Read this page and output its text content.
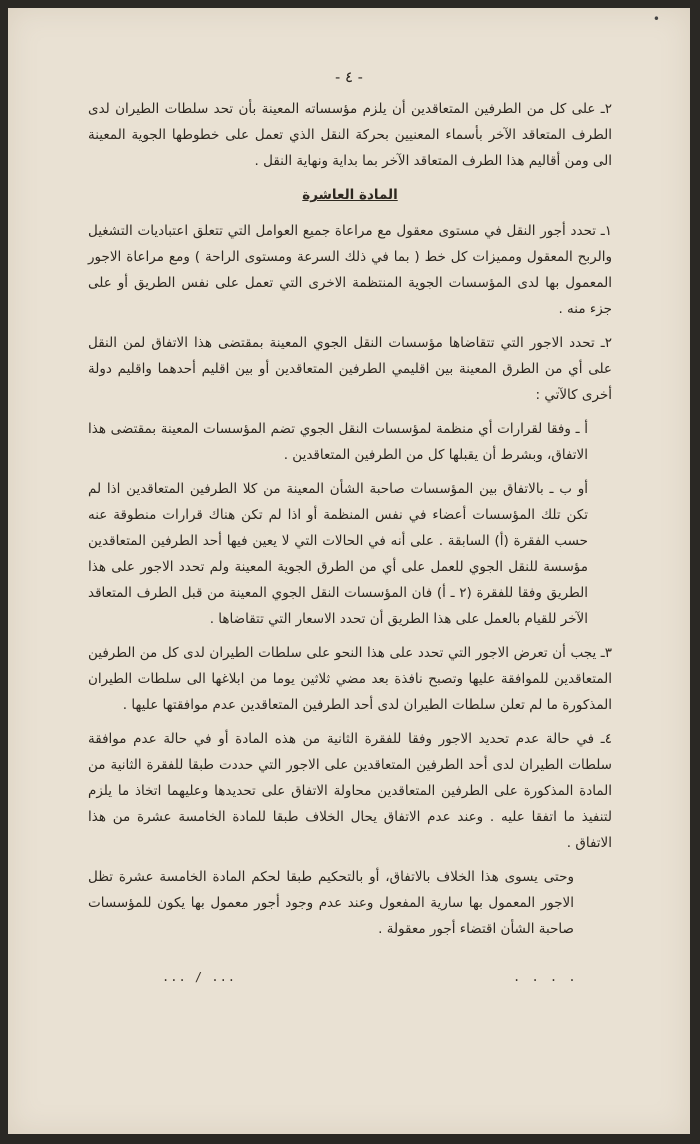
•
- ٤ -

٢ـ على كل من الطرفين المتعاقدين أن يلزم مؤسساته المعينة بأن تحد سلطات الطيران لدى الطرف المتعاقد الآخر بأسماء المعنيين بحركة النقل الذي تعمل على خطوطها الجوية المعينة الى ومن أقاليم هذا الطرف المتعاقد الآخر بما بداية ونهاية النقل .

المادة العاشرة

١ـ تحدد أجور النقل في مستوى معقول مع مراعاة جميع العوامل التي تتعلق اعتباديات التشغيل والربح المعقول ومميزات كل خط ( بما في ذلك السرعة ومستوى الراحة ) ومع مراعاة الاجور المعمول بها لدى المؤسسات الجوية المنتظمة الاخرى التي تعمل على نفس الطريق أو على جزء منه .

٢ـ تحدد الاجور التي تتقاضاها مؤسسات النقل الجوي المعينة بمقتضى هذا الاتفاق لمن النقل على أي من الطرق المعينة بين اقليمي الطرفين المتعاقدين أو بين اقليم أحدهما واقليم دولة أخرى كالآتي :

أ ـ وفقا لقرارات أي منظمة لمؤسسات النقل الجوي تضم المؤسسات المعينة بمقتضى هذا الاتفاق، وبشرط أن يقبلها كل من الطرفين المتعاقدين .

أو ب ـ بالاتفاق بين المؤسسات صاحبة الشأن المعينة من كلا الطرفين المتعاقدين اذا لم تكن تلك المؤسسات أعضاء في نفس المنظمة أو اذا لم تكن هناك قرارات منطوقة عنه حسب الفقرة (أ) السابقة . على أنه في الحالات التي لا يعين فيها أحد الطرفين المتعاقدين مؤسسة للنقل الجوي للعمل على أي من الطرق الجوية المعينة ولم تحدد الاجور على هذا الطريق وفقا للفقرة (٢ ـ أ) فان المؤسسات النقل الجوي المعينة من قبل الطرف المتعاقد الآخر للقيام بالعمل على هذا الطريق أن تحدد الاسعار التي تتقاضاها .

٣ـ يجب أن تعرض الاجور التي تحدد على هذا النحو على سلطات الطيران لدى كل من الطرفين المتعاقدين للموافقة عليها وتصبح نافذة بعد مضي ثلاثين يوما من ابلاغها الى سلطات الطيران المذكورة ما لم تعلن سلطات الطيران لدى أحد الطرفين المتعاقدين عدم موافقتها عليها .

٤ـ في حالة عدم تحديد الاجور وفقا للفقرة الثانية من هذه المادة أو في حالة عدم موافقة سلطات الطيران لدى أحد الطرفين المتعاقدين على الاجور التي حددت طبقا للفقرة الثانية من المادة المذكورة على الطرفين المتعاقدين محاولة الاتفاق على تحديدها وعليهما اتخاذ ما يلزم لتنفيذ ما اتفقا عليه . وعند عدم الاتفاق يحال الخلاف طبقا للمادة الخامسة عشرة من هذا الاتفاق .

وحتى يسوى هذا الخلاف بالاتفاق، أو بالتحكيم طبقا لحكم المادة الخامسة عشرة تظل الاجور المعمول بها سارية المفعول وعند عدم وجود أجور معمول بها يكون للمؤسسات صاحبة الشأن اقتضاء أجور معقولة .

... / ...	. . . .
